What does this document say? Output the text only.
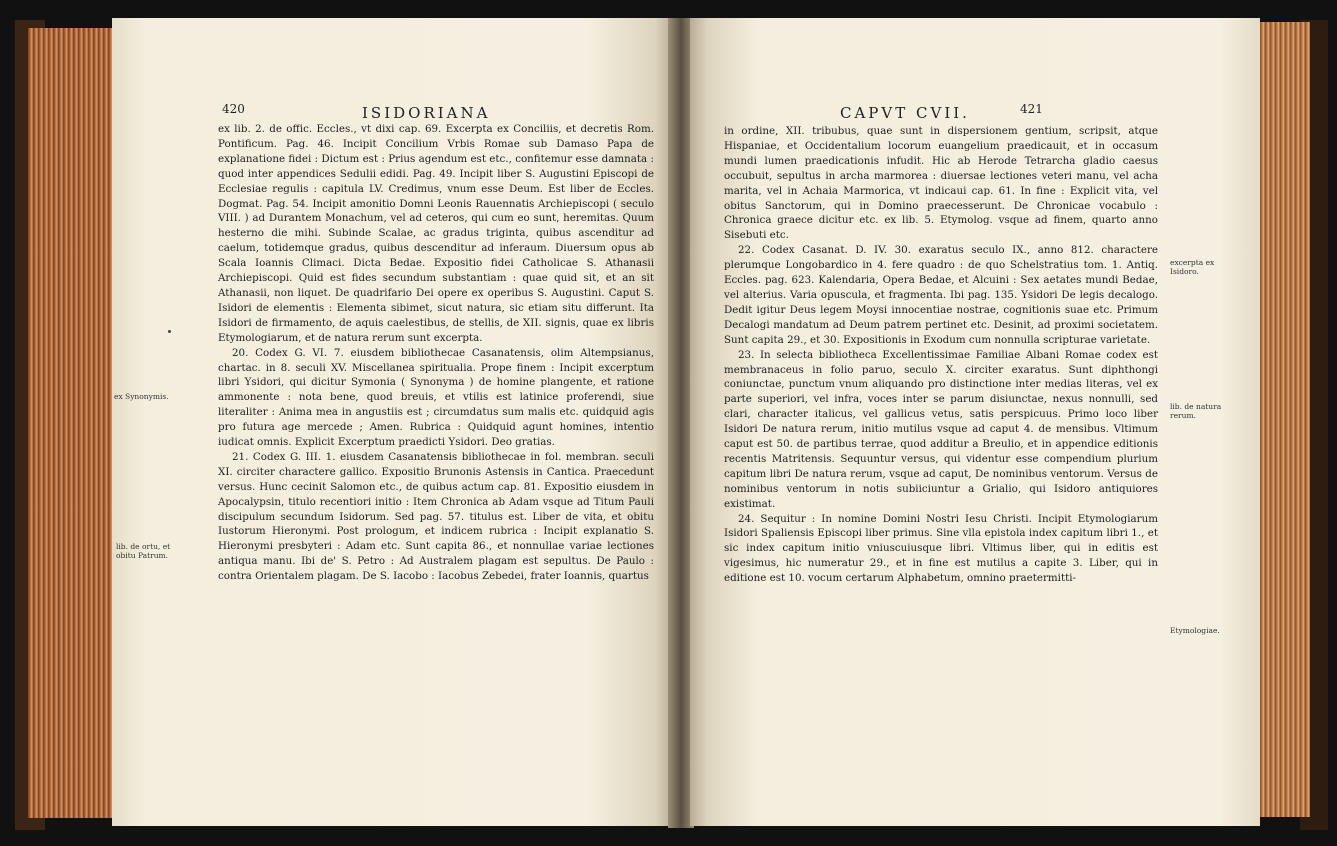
420	ISIDORIANA

ex lib. 2. de offic. Eccles., vt dixi cap. 69. Excerpta ex Conciliis, et decretis Rom. Pontificum. Pag. 46. Incipit Concilium Vrbis Romae sub Damaso Papa de explanatione fidei : Dictum est : Prius agendum est etc., confitemur esse damnata : quod inter appendices Sedulii edidi. Pag. 49. Incipit liber S. Augustini Episcopi de Ecclesiae regulis : capitula LV. Credimus, vnum esse Deum. Est liber de Eccles. Dogmat. Pag. 54. Incipit amonitio Domni Leonis Rauennatis Archiepiscopi ( seculo VIII. ) ad Durantem Monachum, vel ad ceteros, qui cum eo sunt, heremitas. Quum hesterno die mihi. Subinde Scalae, ac gradus triginta, quibus ascenditur ad caelum, totidemque gradus, quibus descenditur ad inferaum. Diuersum opus ab Scala Ioannis Climaci. Dicta Bedae. Expositio fidei Catholicae S. Athanasii Archiepiscopi. Quid est fides secundum substantiam : quae quid sit, et an sit Athanasii, non liquet. De quadrifario Dei opere ex operibus S. Augustini. Caput S. Isidori de elementis : Elementa sibimet, sicut natura, sic etiam situ differunt. Ita Isidori de firmamento, de aquis caelestibus, de stellis, de XII. signis, quae ex libris Etymologiarum, et de natura rerum sunt excerpta.

20. Codex G. VI. 7. eiusdem bibliothecae Casanatensis, olim Altempsianus, chartac. in 8. seculi XV. Miscellanea spiritualia. Prope finem : Incipit excerptum libri Ysidori, qui dicitur Symonia ( Synonyma ) de homine plangente, et ratione ammonente : nota bene, quod breuis, et vtilis est latinice proferendi, siue literaliter : Anima mea in angustiis est ; circumdatus sum malis etc. quidquid agis pro futura age mercede ; Amen. Rubrica : Quidquid agunt homines, intentio iudicat omnis. Explicit Excerptum praedicti Ysidori. Deo gratias.

21. Codex G. III. 1. eiusdem Casanatensis bibliothecae in fol. membran. seculi XI. circiter charactere gallico. Expositio Brunonis Astensis in Cantica. Praecedunt versus. Hunc cecinit Salomon etc., de quibus actum cap. 81. Expositio eiusdem in Apocalypsin, titulo recentiori initio : Item Chronica ab Adam vsque ad Titum Pauli discipulum secundum Isidorum. Sed pag. 57. titulus est. Liber de vita, et obitu Iustorum Hieronymi. Post prologum, et indicem rubrica : Incipit explanatio S. Hieronymi presbyteri : Adam etc. Sunt capita 86., et nonnullae variae lectiones antiqua manu. Ibi de' S. Petro : Ad Australem plagam est sepultus. De Paulo : contra Orientalem plagam. De S. Iacobo : Iacobus Zebedei, frater Ioannis, quartus

ex Synonymis.
lib. de ortu, et obitu Patrum.
CAPVT CVII.	421

in ordine, XII. tribubus, quae sunt in dispersionem gentium, scripsit, atque Hispaniae, et Occidentalium locorum euangelium praedicauit, et in occasum mundi lumen praedicationis infudit. Hic ab Herode Tetrarcha gladio caesus occubuit, sepultus in archa marmorea : diuersae lectiones veteri manu, vel acha marita, vel in Achaia Marmorica, vt indicaui cap. 61. In fine : Explicit vita, vel obitus Sanctorum, qui in Domino praecesserunt. De Chronicae vocabulo : Chronica graece dicitur etc. ex lib. 5. Etymolog. vsque ad finem, quarto anno Sisebuti etc.

22. Codex Casanat. D. IV. 30. exaratus seculo IX., anno 812. charactere plerumque Longobardico in 4. fere quadro : de quo Schelstratius tom. 1. Antiq. Eccles. pag. 623. Kalendaria, Opera Bedae, et Alcuini : Sex aetates mundi Bedae, vel alterius. Varia opuscula, et fragmenta. Ibi pag. 135. Ysidori De legis decalogo. Dedit igitur Deus legem Moysi innocentiae nostrae, cognitionis suae etc. Primum Decalogi mandatum ad Deum patrem pertinet etc. Desinit, ad proximi societatem. Sunt capita 29., et 30. Expositionis in Exodum cum nonnulla scripturae varietate.

23. In selecta bibliotheca Excellentissimae Familiae Albani Romae codex est membranaceus in folio paruo, seculo X. circiter exaratus. Sunt diphthongi coniunctae, punctum vnum aliquando pro distinctione inter medias literas, vel ex parte superiori, vel infra, voces inter se parum disiunctae, nexus nonnulli, sed clari, character italicus, vel gallicus vetus, satis perspicuus. Primo loco liber Isidori De natura rerum, initio mutilus vsque ad caput 4. de mensibus. Vltimum caput est 50. de partibus terrae, quod additur a Breulio, et in appendice editionis recentis Matritensis. Sequuntur versus, qui videntur esse compendium plurium capitum libri De natura rerum, vsque ad caput, De nominibus ventorum. Versus de nominibus ventorum in notis subiiciuntur a Grialio, qui Isidoro antiquiores existimat.

24. Sequitur : In nomine Domini Nostri Iesu Christi. Incipit Etymologiarum Isidori Spaliensis Episcopi liber primus. Sine vlla epistola index capitum libri 1., et sic index capitum initio vniuscuiusque libri. Vltimus liber, qui in editis est vigesimus, hic numeratur 29., et in fine est mutilus a capite 3. Liber, qui in editione est 10. vocum certarum Alphabetum, omnino praetermitti-

excerpta ex Isidoro.
lib. de natura rerum.
Etymologiae.
